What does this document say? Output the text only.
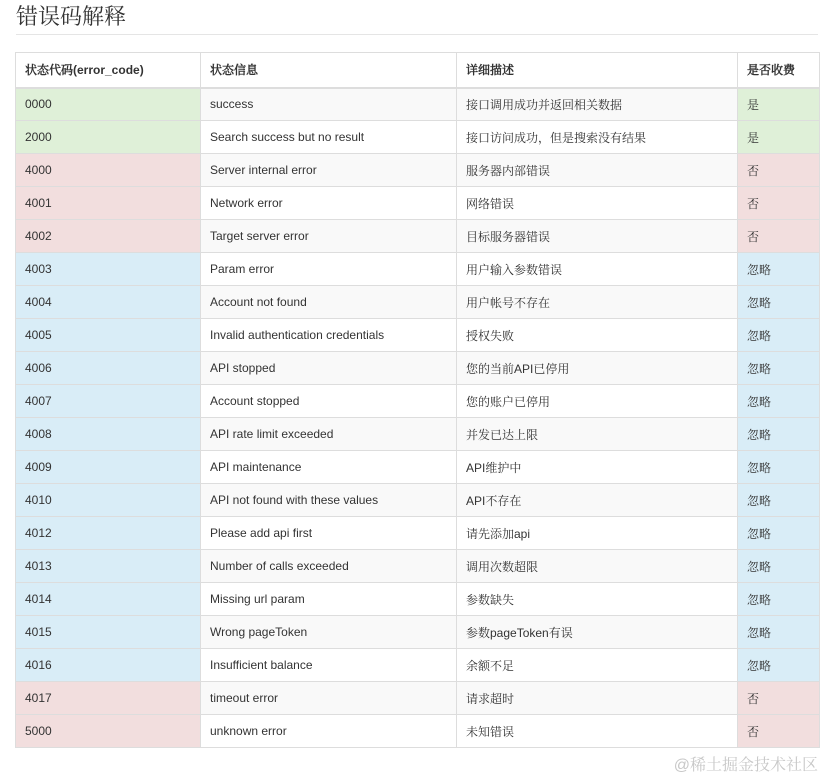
错误码解释
状态代码(error_code)	状态信息	详细描述	是否收费
0000	success	接口调用成功并返回相关数据	是
2000	Search success but no result	接口访问成功，但是搜索没有结果	是
4000	Server internal error	服务器内部错误	否
4001	Network error	网络错误	否
4002	Target server error	目标服务器错误	否
4003	Param error	用户输入参数错误	忽略
4004	Account not found	用户帐号不存在	忽略
4005	Invalid authentication credentials	授权失败	忽略
4006	API stopped	您的当前API已停用	忽略
4007	Account stopped	您的账户已停用	忽略
4008	API rate limit exceeded	并发已达上限	忽略
4009	API maintenance	API维护中	忽略
4010	API not found with these values	API不存在	忽略
4012	Please add api first	请先添加api	忽略
4013	Number of calls exceeded	调用次数超限	忽略
4014	Missing url param	参数缺失	忽略
4015	Wrong pageToken	参数pageToken有误	忽略
4016	Insufficient balance	余额不足	忽略
4017	timeout error	请求超时	否
5000	unknown error	未知错误	否
@稀土掘金技术社区
